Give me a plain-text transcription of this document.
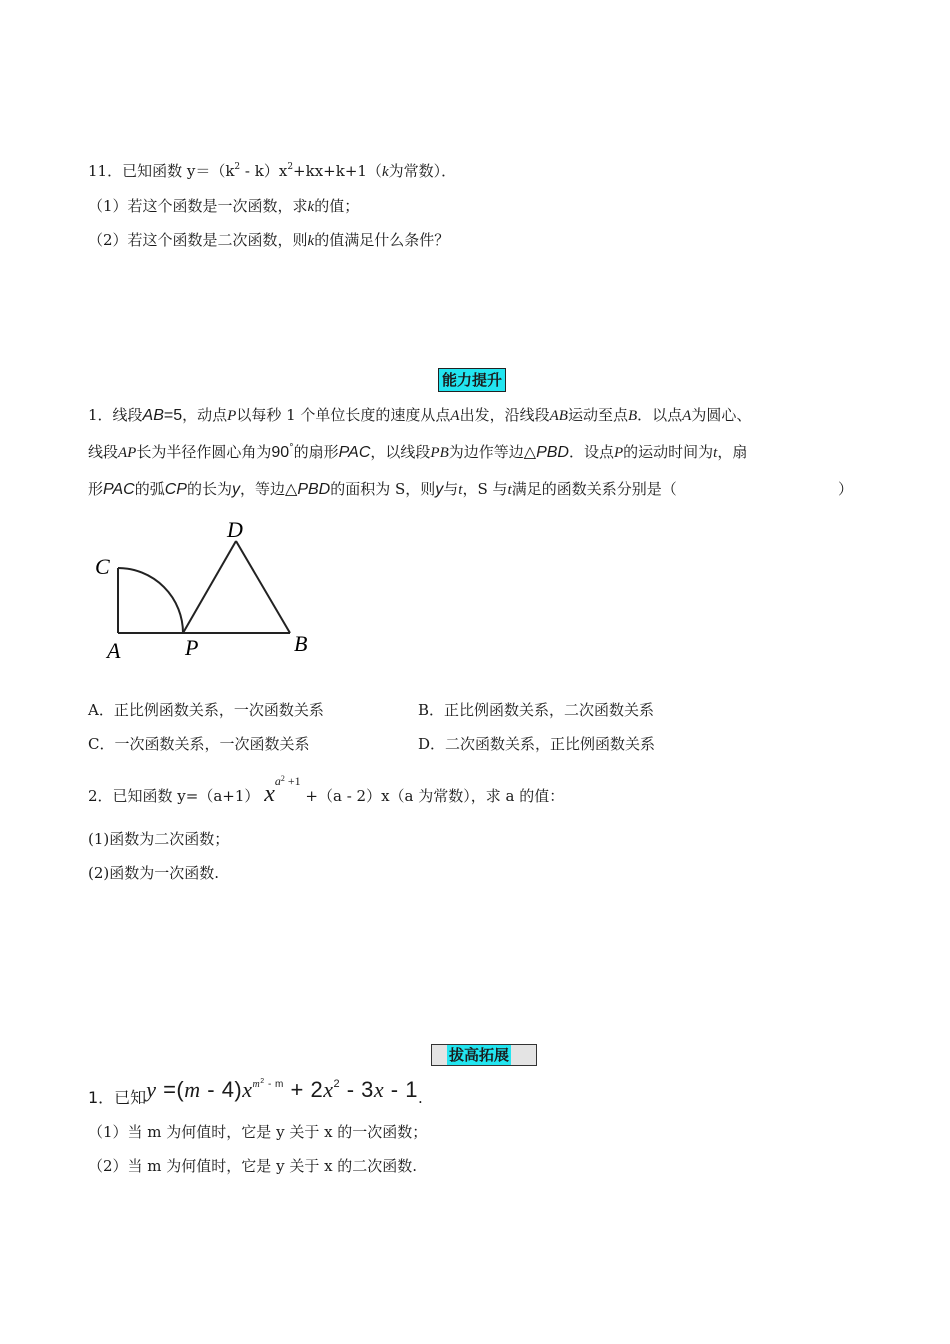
11．已知函数 $y=(k^2 - k)x^2+kx+k+1(k$为常数）．
（1）若这个函数是一次函数，求k的值；
（2）若这个函数是二次函数，则k的值满足什么条件？
能力提升
1．线段AB=5，动点P以每秒 1 个单位长度的速度从点A出发，沿线段AB运动至点B．以点A为圆心、
线段AP长为半径作圆心角为90°的扇形PAC，以线段PB为边作等边△PBD．设点P的运动时间为t，扇
形PAC的弧CP的长为y，等边△PBD的面积为 S，则y与t，S 与t满足的函数关系分别是（	）
C
D
A	P	B
A．正比例函数关系，一次函数关系	B．正比例函数关系，二次函数关系
C．一次函数关系，一次函数关系	D．二次函数关系，正比例函数关系
2．已知函数 y=（a+1） $x^{a^2 +1} +(a - 2)x(a$ 为常数），求 a 的值：
(1)函数为二次函数；
(2)函数为一次函数.
拔高拓展
1．已知$y =(m - 4)x^{m^2 - m} + 2x^2 - 3x - 1$.
（1）当 m 为何值时，它是 y 关于 x 的一次函数；
（2）当 m 为何值时，它是 y 关于 x 的二次函数.
